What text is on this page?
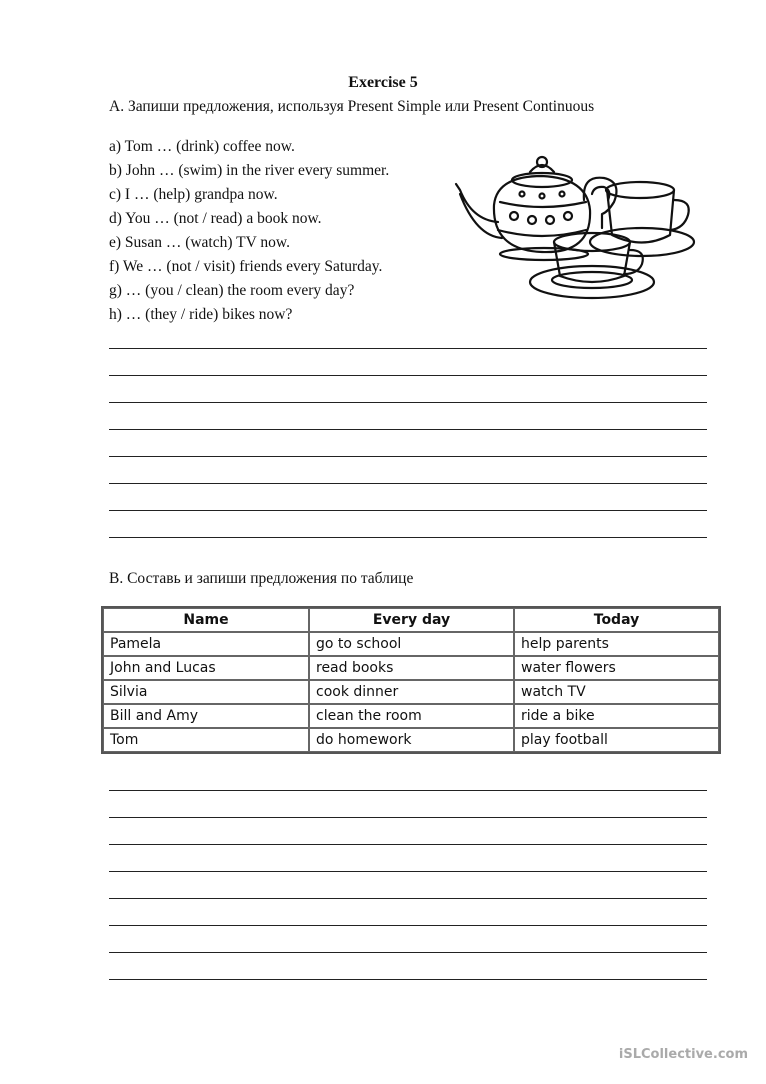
Exercise 5
A. Запиши предложения, используя Present Simple или Present Continuous
a) Tom … (drink) coffee now.
b) John … (swim) in the river every summer.
c) I … (help) grandpa now.
d) You … (not / read) a book now.
e) Susan … (watch) TV now.
f) We … (not / visit) friends every Saturday.
g) … (you / clean) the room every day?
h) … (they / ride) bikes now?
B. Составь и запиши предложения по таблице
Name	Every day	Today
Pamela	go to school	help parents
John and Lucas	read books	water flowers
Silvia	cook dinner	watch TV
Bill and Amy	clean the room	ride a bike
Tom	do homework	play football
iSLCollective.com
